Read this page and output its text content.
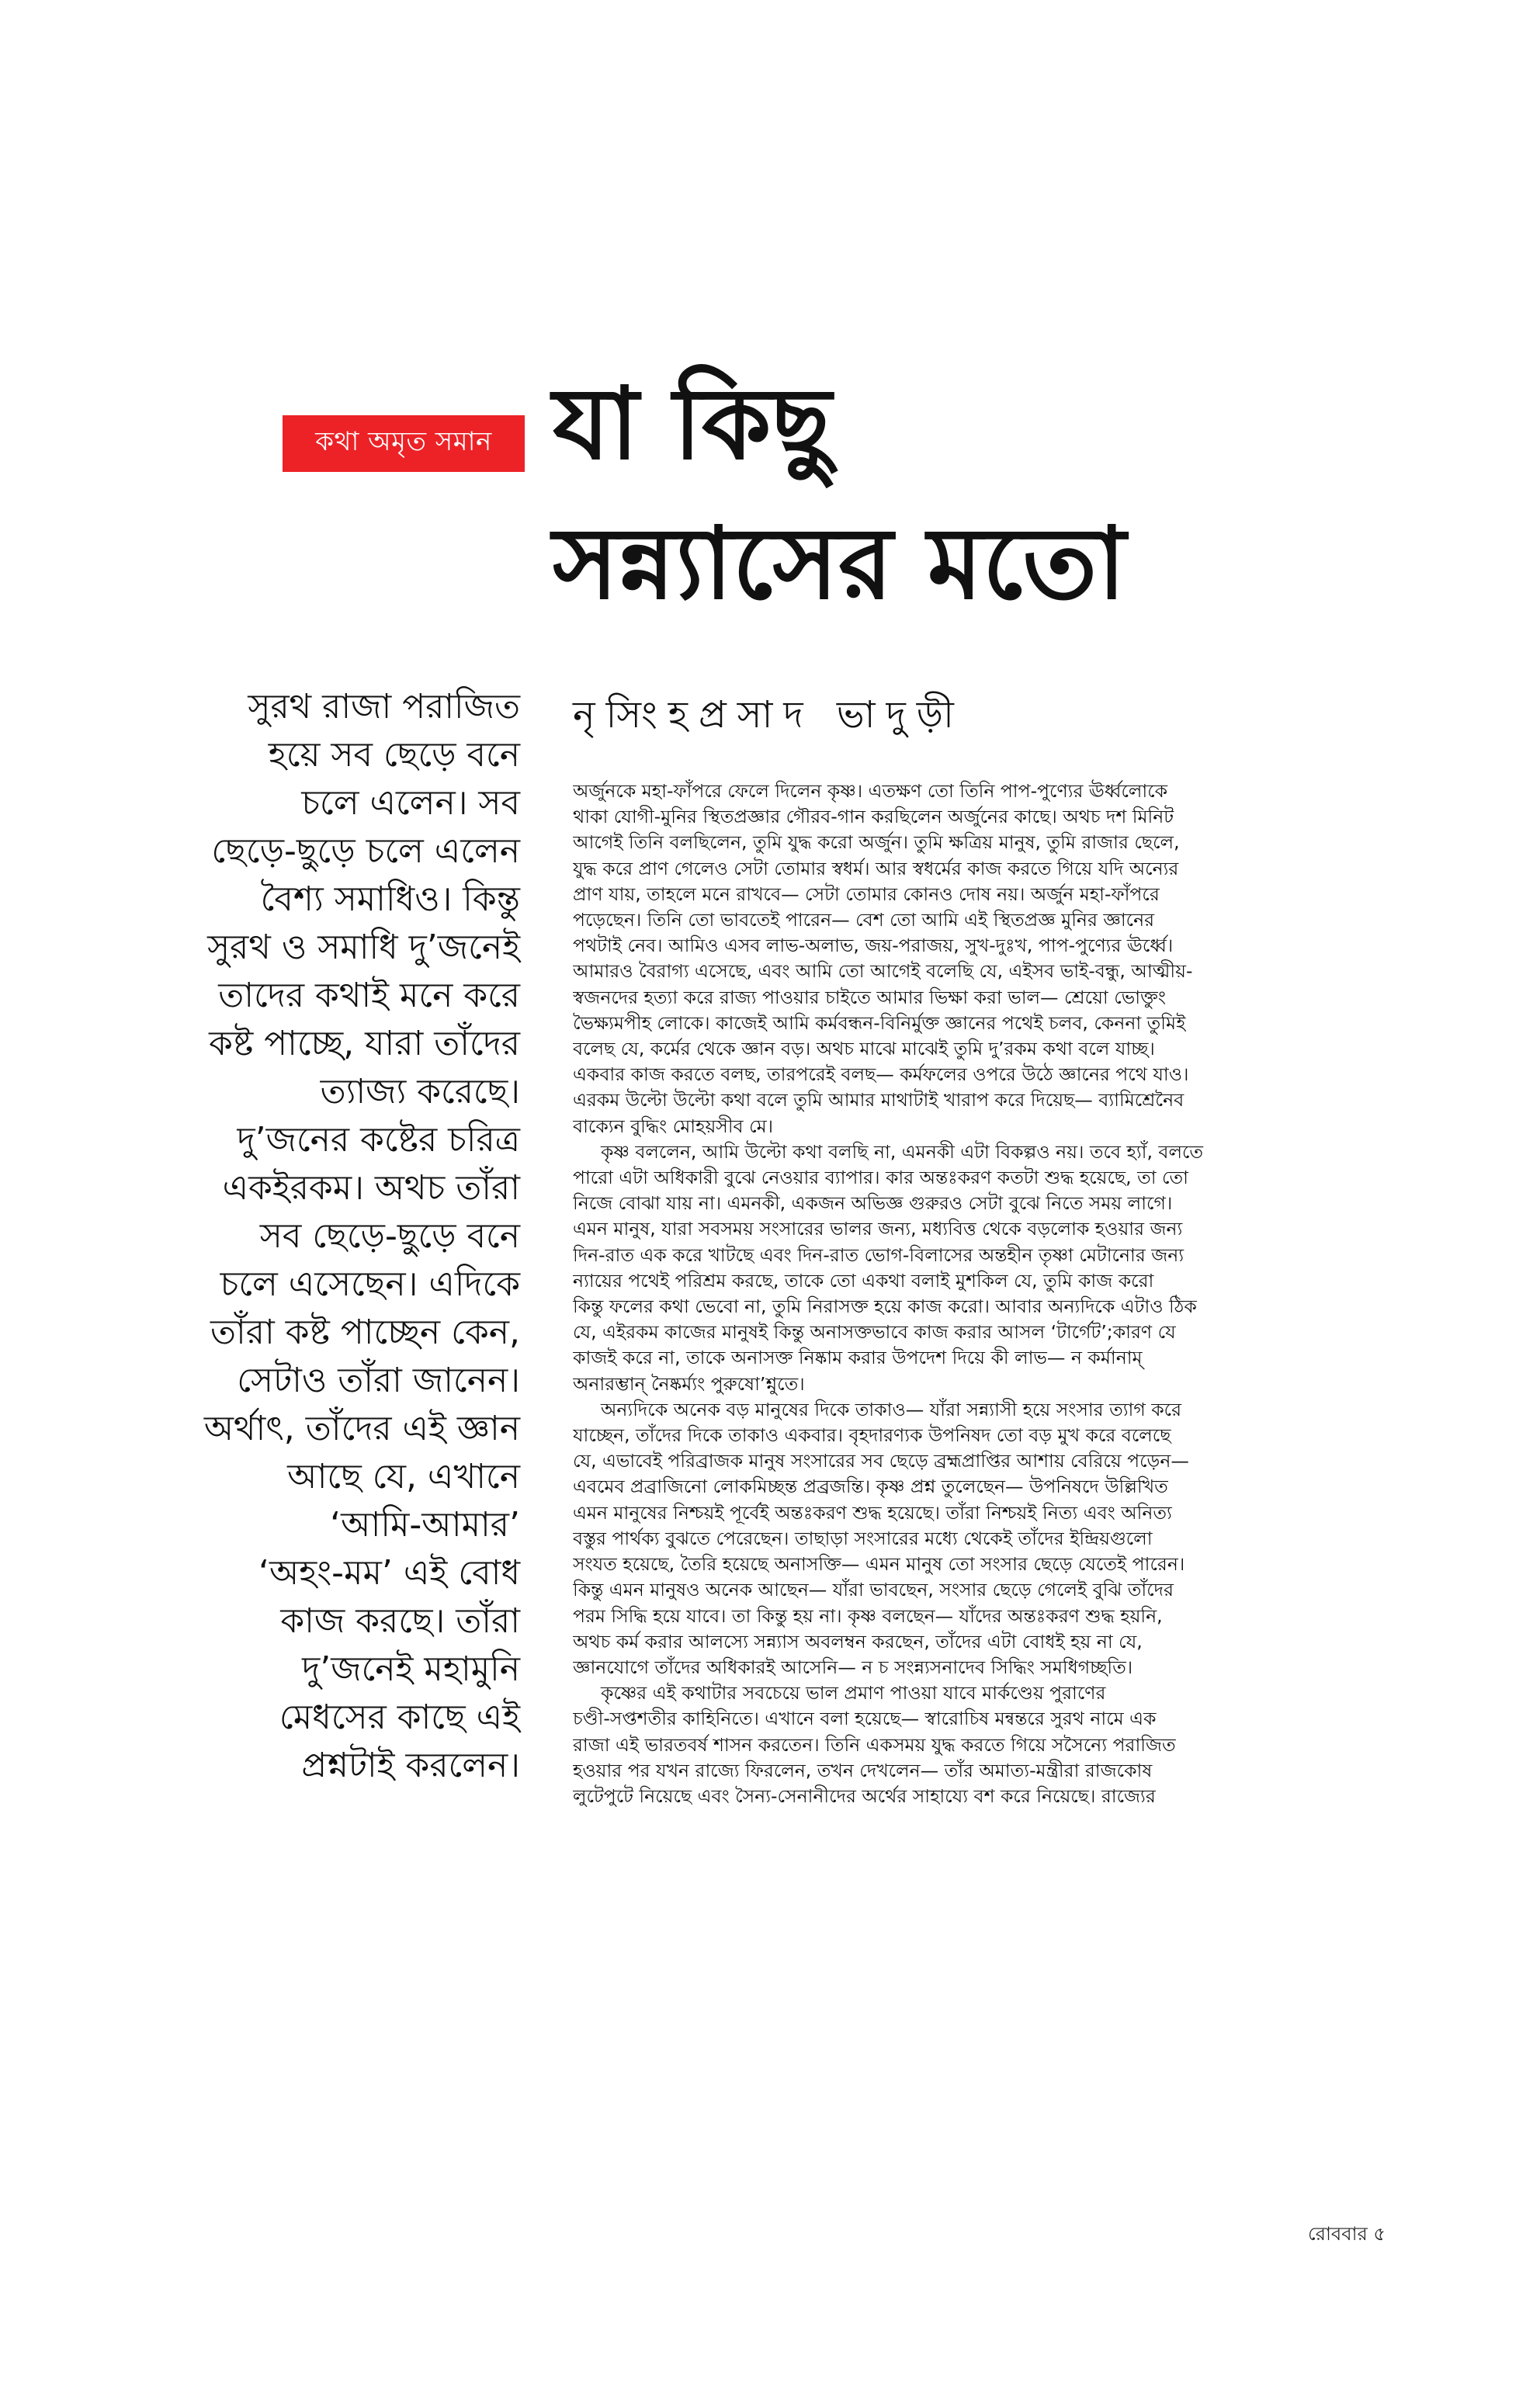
কথা অমৃত সমান যা কিছু
সন্ন্যাসের মতো
নৃসিংহপ্রসাদ ভাদুড়ী
সুরথ রাজা পরাজিত
হয়ে সব ছেড়ে বনে
চলে এলেন। সব
ছেড়ে-ছুড়ে চলে এলেন
বৈশ্য সমাধিও। কিন্তু
সুরথ ও সমাধি দু’জনেই
তাদের কথাই মনে করে
কষ্ট পাচ্ছে, যারা তাঁদের
ত্যাজ্য করেছে।
দু’জনের কষ্টের চরিত্র
একইরকম। অথচ তাঁরা
সব ছেড়ে-ছুড়ে বনে
চলে এসেছেন। এদিকে
তাঁরা কষ্ট পাচ্ছেন কেন,
সেটাও তাঁরা জানেন।
অর্থাৎ, তাঁদের এই জ্ঞান
আছে যে, এখানে
‘আমি-আমার’
‘অহং-মম’ এই বোধ
কাজ করছে। তাঁরা
দু’জনেই মহামুনি
মেধসের কাছে এই
প্রশ্নটাই করলেন।
অর্জুনকে মহা-ফাঁপরে ফেলে দিলেন কৃষ্ণ। এতক্ষণ তো তিনি পাপ-পুণ্যের ঊর্ধ্বলোকে
থাকা যোগী-মুনির স্থিতপ্রজ্ঞার গৌরব-গান করছিলেন অর্জুনের কাছে। অথচ দশ মিনিট
আগেই তিনি বলছিলেন, তুমি যুদ্ধ করো অর্জুন। তুমি ক্ষত্রিয় মানুষ, তুমি রাজার ছেলে,
যুদ্ধ করে প্রাণ গেলেও সেটা তোমার স্বধর্ম। আর স্বধর্মের কাজ করতে গিয়ে যদি অন্যের
প্রাণ যায়, তাহলে মনে রাখবে— সেটা তোমার কোনও দোষ নয়। অর্জুন মহা-ফাঁপরে
পড়েছেন। তিনি তো ভাবতেই পারেন— বেশ তো আমি এই স্থিতপ্রজ্ঞ মুনির জ্ঞানের
পথটাই নেব। আমিও এসব লাভ-অলাভ, জয়-পরাজয়, সুখ-দুঃখ, পাপ-পুণ্যের ঊর্ধ্বে।
আমারও বৈরাগ্য এসেছে, এবং আমি তো আগেই বলেছি যে, এইসব ভাই-বন্ধু, আত্মীয়-
স্বজনদের হত্যা করে রাজ্য পাওয়ার চাইতে আমার ভিক্ষা করা ভাল— শ্রেয়ো ভোক্তুং
ভৈক্ষ্যমপীহ লোকে। কাজেই আমি কর্মবন্ধন-বিনির্মুক্ত জ্ঞানের পথেই চলব, কেননা তুমিই
বলেছ যে, কর্মের থেকে জ্ঞান বড়। অথচ মাঝে মাঝেই তুমি দু’রকম কথা বলে যাচ্ছ।
একবার কাজ করতে বলছ, তারপরেই বলছ— কর্মফলের ওপরে উঠে জ্ঞানের পথে যাও।
এরকম উল্টো উল্টো কথা বলে তুমি আমার মাথাটাই খারাপ করে দিয়েছ— ব্যামিশ্রেনৈব
বাক্যেন বুদ্ধিং মোহয়সীব মে।
কৃষ্ণ বললেন, আমি উল্টো কথা বলছি না, এমনকী এটা বিকল্পও নয়। তবে হ্যাঁ, বলতে
পারো এটা অধিকারী বুঝে নেওয়ার ব্যাপার। কার অন্তঃকরণ কতটা শুদ্ধ হয়েছে, তা তো
নিজে বোঝা যায় না। এমনকী, একজন অভিজ্ঞ গুরুরও সেটা বুঝে নিতে সময় লাগে।
এমন মানুষ, যারা সবসময় সংসারের ভালর জন্য, মধ্যবিত্ত থেকে বড়লোক হওয়ার জন্য
দিন-রাত এক করে খাটছে এবং দিন-রাত ভোগ-বিলাসের অন্তহীন তৃষ্ণা মেটানোর জন্য
ন্যায়ের পথেই পরিশ্রম করছে, তাকে তো একথা বলাই মুশকিল যে, তুমি কাজ করো
কিন্তু ফলের কথা ভেবো না, তুমি নিরাসক্ত হয়ে কাজ করো। আবার অন্যদিকে এটাও ঠিক
যে, এইরকম কাজের মানুষই কিন্তু অনাসক্তভাবে কাজ করার আসল ‘টার্গেট’;কারণ যে
কাজই করে না, তাকে অনাসক্ত নিষ্কাম করার উপদেশ দিয়ে কী লাভ— ন কর্মানাম্
অনারম্ভান্ নৈষ্কর্ম্যং পুরুষো’শ্নুতে।
অন্যদিকে অনেক বড় মানুষের দিকে তাকাও— যাঁরা সন্ন্যাসী হয়ে সংসার ত্যাগ করে
যাচ্ছেন, তাঁদের দিকে তাকাও একবার। বৃহদারণ্যক উপনিষদ তো বড় মুখ করে বলেছে
যে, এভাবেই পরিব্রাজক মানুষ সংসারের সব ছেড়ে ব্রহ্মপ্রাপ্তির আশায় বেরিয়ে পড়েন—
এবমেব প্রব্রাজিনো লোকমিচ্ছন্ত প্রব্রজন্তি। কৃষ্ণ প্রশ্ন তুলেছেন— উপনিষদে উল্লিখিত
এমন মানুষের নিশ্চয়ই পূর্বেই অন্তঃকরণ শুদ্ধ হয়েছে। তাঁরা নিশ্চয়ই নিত্য এবং অনিত্য
বস্তুর পার্থক্য বুঝতে পেরেছেন। তাছাড়া সংসারের মধ্যে থেকেই তাঁদের ইন্দ্রিয়গুলো
সংযত হয়েছে, তৈরি হয়েছে অনাসক্তি— এমন মানুষ তো সংসার ছেড়ে যেতেই পারেন।
কিন্তু এমন মানুষও অনেক আছেন— যাঁরা ভাবছেন, সংসার ছেড়ে গেলেই বুঝি তাঁদের
পরম সিদ্ধি হয়ে যাবে। তা কিন্তু হয় না। কৃষ্ণ বলছেন— যাঁদের অন্তঃকরণ শুদ্ধ হয়নি,
অথচ কর্ম করার আলস্যে সন্ন্যাস অবলম্বন করছেন, তাঁদের এটা বোধই হয় না যে,
জ্ঞানযোগে তাঁদের অধিকারই আসেনি— ন চ সংন্ন্যসনাদেব সিদ্ধিং সমধিগচ্ছতি।
কৃষ্ণের এই কথাটার সবচেয়ে ভাল প্রমাণ পাওয়া যাবে মার্কণ্ডেয় পুরাণের
চণ্ডী-সপ্তশতীর কাহিনিতে। এখানে বলা হয়েছে— স্বারোচিষ মন্বন্তরে সুরথ নামে এক
রাজা এই ভারতবর্ষ শাসন করতেন। তিনি একসময় যুদ্ধ করতে গিয়ে সসৈন্যে পরাজিত
হওয়ার পর যখন রাজ্যে ফিরলেন, তখন দেখলেন— তাঁর অমাত্য-মন্ত্রীরা রাজকোষ
লুটেপুটে নিয়েছে এবং সৈন্য-সেনানীদের অর্থের সাহায্যে বশ করে নিয়েছে। রাজ্যের
রোববার ৫
